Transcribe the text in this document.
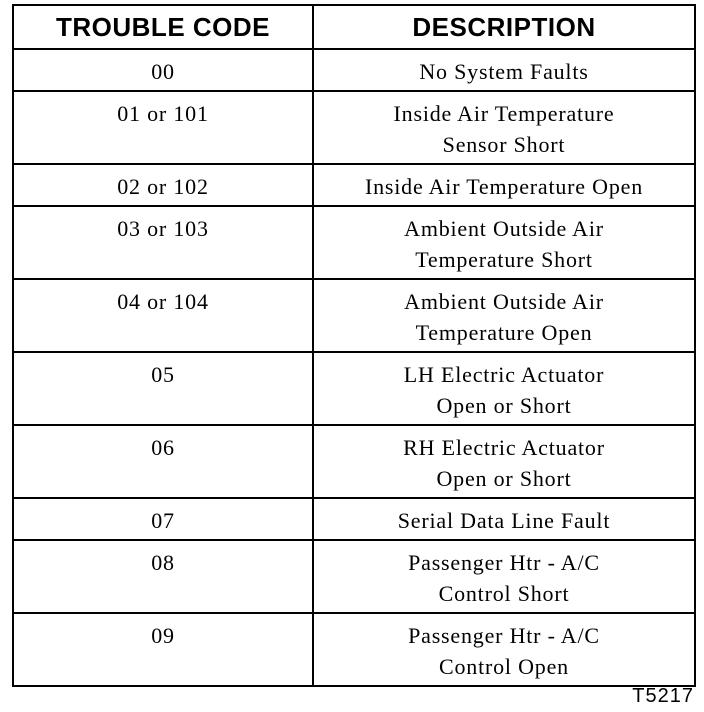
TROUBLE CODE	DESCRIPTION
00	No System Faults
01 or 101	Inside Air Temperature
Sensor Short
02 or 102	Inside Air Temperature Open
03 or 103	Ambient Outside Air
Temperature Short
04 or 104	Ambient Outside Air
Temperature Open
05	LH Electric Actuator
Open or Short
06	RH Electric Actuator
Open or Short
07	Serial Data Line Fault
08	Passenger Htr - A/C
Control Short
09	Passenger Htr - A/C
Control Open
T5217
